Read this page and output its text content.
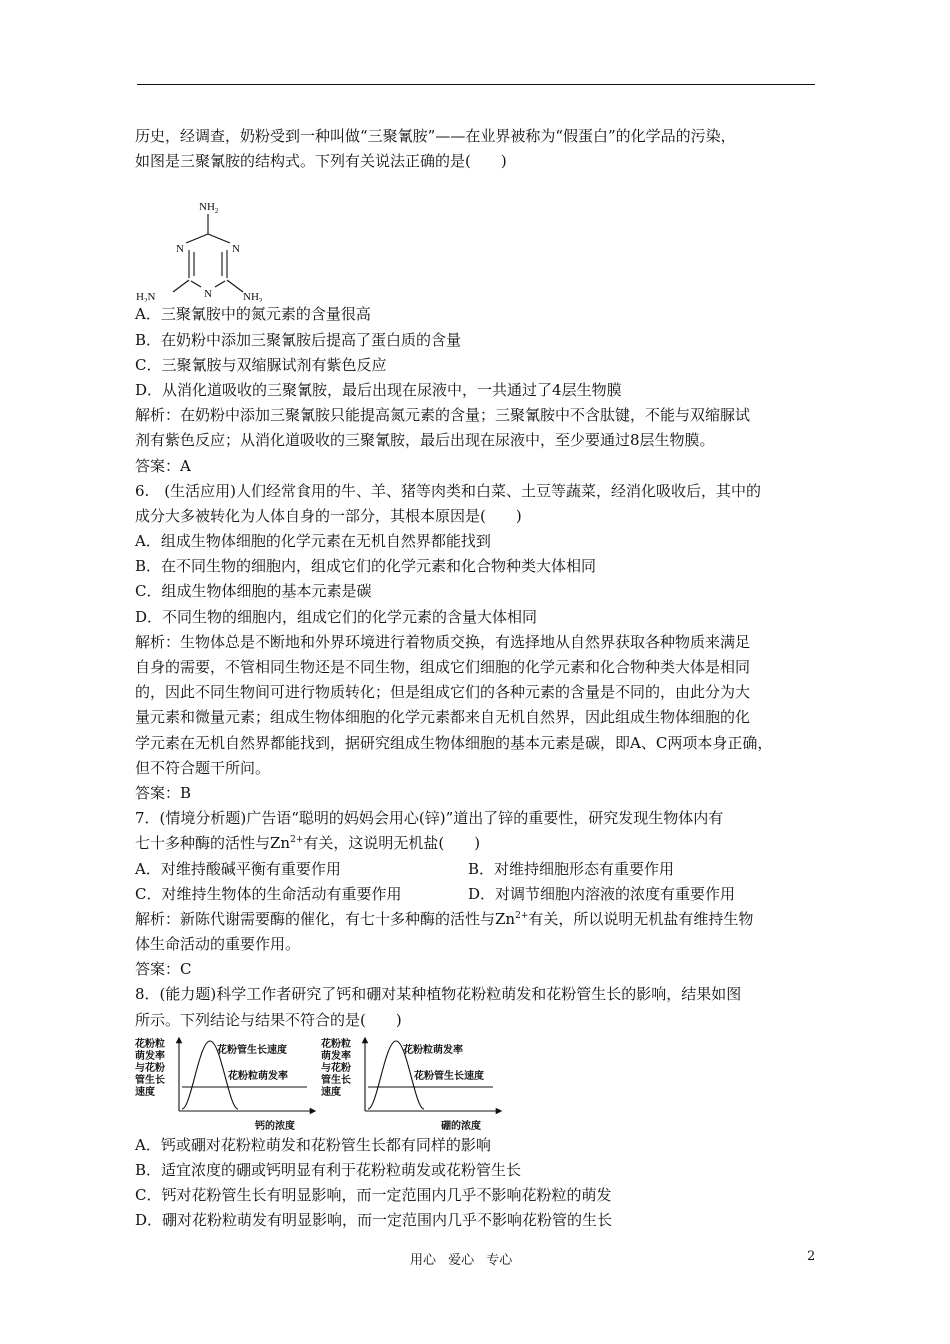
历史，经调查，奶粉受到一种叫做“三聚氰胺”——在业界被称为“假蛋白”的化学品的污染，
如图是三聚氰胺的结构式。下列有关说法正确的是(　　)
$NH_2$
N	N
N
$H_2N$	$NH_2$
A．三聚氰胺中的氮元素的含量很高
B．在奶粉中添加三聚氰胺后提高了蛋白质的含量
C．三聚氰胺与双缩脲试剂有紫色反应
D．从消化道吸收的三聚氰胺，最后出现在尿液中，一共通过了4层生物膜
解析：在奶粉中添加三聚氰胺只能提高氮元素的含量；三聚氰胺中不含肽键，不能与双缩脲试
剂有紫色反应；从消化道吸收的三聚氰胺，最后出现在尿液中，至少要通过8层生物膜。
答案：A
6.　(生活应用)人们经常食用的牛、羊、猪等肉类和白菜、土豆等蔬菜，经消化吸收后，其中的
成分大多被转化为人体自身的一部分，其根本原因是(　　)
A．组成生物体细胞的化学元素在无机自然界都能找到
B．在不同生物的细胞内，组成它们的化学元素和化合物种类大体相同
C．组成生物体细胞的基本元素是碳
D．不同生物的细胞内，组成它们的化学元素的含量大体相同
解析：生物体总是不断地和外界环境进行着物质交换，有选择地从自然界获取各种物质来满足
自身的需要，不管相同生物还是不同生物，组成它们细胞的化学元素和化合物种类大体是相同
的，因此不同生物间可进行物质转化；但是组成它们的各种元素的含量是不同的，由此分为大
量元素和微量元素；组成生物体细胞的化学元素都来自无机自然界，因此组成生物体细胞的化
学元素在无机自然界都能找到，据研究组成生物体细胞的基本元素是碳，即A、C两项本身正确，
但不符合题干所问。
答案：B
7．(情境分析题)广告语“聪明的妈妈会用心(锌)”道出了锌的重要性，研究发现生物体内有
七十多种酶的活性与$Zn^{2+}$有关，这说明无机盐(　　)
A．对维持酸碱平衡有重要作用	B．对维持细胞形态有重要作用
C．对维持生物体的生命活动有重要作用	D．对调节细胞内溶液的浓度有重要作用
解析：新陈代谢需要酶的催化，有七十多种酶的活性与$Zn^{2+}$有关，所以说明无机盐有维持生物
体生命活动的重要作用。
答案：C
8．(能力题)科学工作者研究了钙和硼对某种植物花粉粒萌发和花粉管生长的影响，结果如图
所示。下列结论与结果不符合的是(　　)
花粉粒
萌发率
与花粉
管生长
速度
花粉管生长速度
花粉粒萌发率
钙的浓度
花粉粒
萌发率
与花粉
管生长
速度
花粉粒萌发率
花粉管生长速度
硼的浓度
A．钙或硼对花粉粒萌发和花粉管生长都有同样的影响
B．适宜浓度的硼或钙明显有利于花粉粒萌发或花粉管生长
C．钙对花粉管生长有明显影响，而一定范围内几乎不影响花粉粒的萌发
D．硼对花粉粒萌发有明显影响，而一定范围内几乎不影响花粉管的生长
用心 爱心 专心	2
